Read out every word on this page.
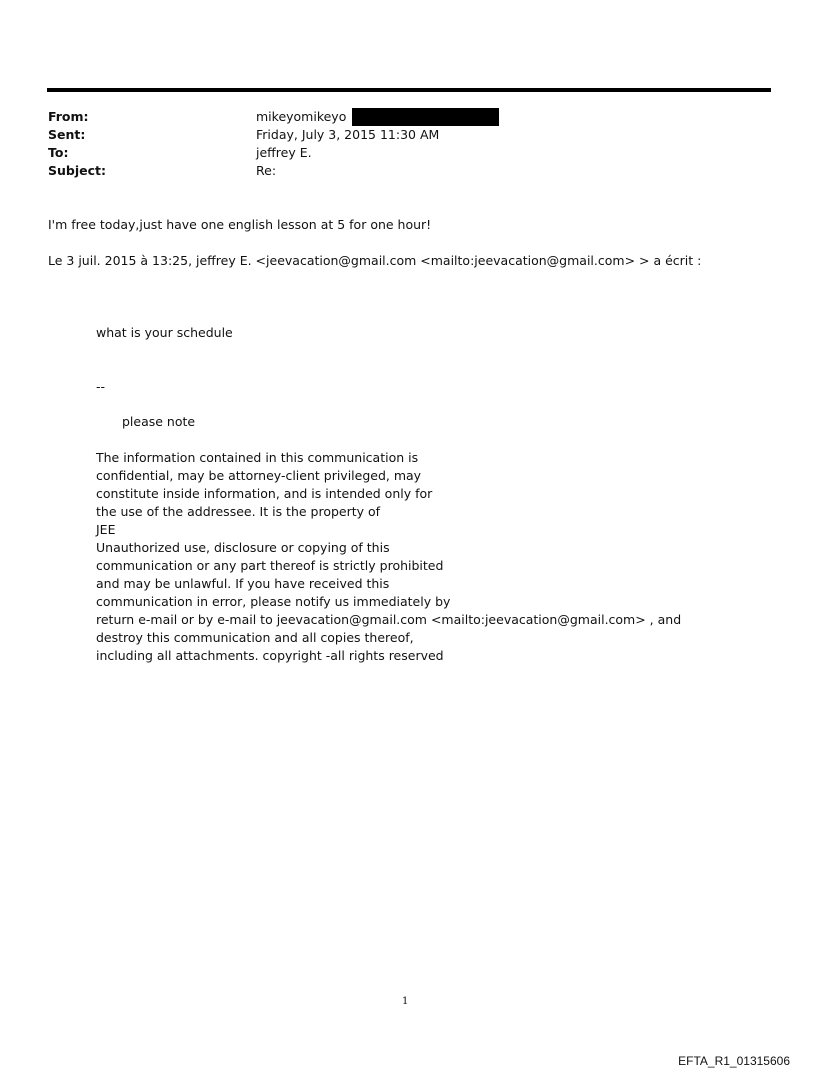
From:	mikeyomikeyo
Sent:	Friday, July 3, 2015 11:30 AM
To:	jeffrey E.
Subject:	Re:
I'm free today,just have one english lesson at 5 for one hour!
Le 3 juil. 2015 à 13:25, jeffrey E. <jeevacation@gmail.com <mailto:jeevacation@gmail.com> > a écrit :
what is your schedule
--
please note
The information contained in this communication is
confidential, may be attorney-client privileged, may
constitute inside information, and is intended only for
the use of the addressee. It is the property of
JEE
Unauthorized use, disclosure or copying of this
communication or any part thereof is strictly prohibited
and may be unlawful. If you have received this
communication in error, please notify us immediately by
return e-mail or by e-mail to jeevacation@gmail.com <mailto:jeevacation@gmail.com> , and
destroy this communication and all copies thereof,
including all attachments. copyright -all rights reserved
1
EFTA_R1_01315606
